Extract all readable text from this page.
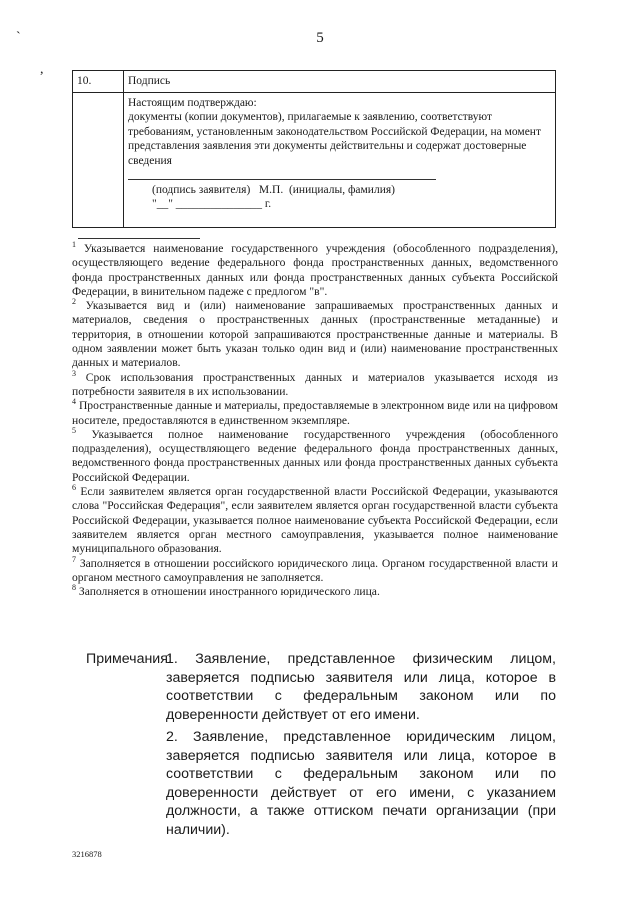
5
`
,
10.	Подпись

	Настоящим подтверждаю:
документы (копии документов), прилагаемые к заявлению, соответствуют требованиям, установленным законодательством Российской Федерации, на момент представления заявления эти документы действительны и содержат достоверные сведения
(подпись заявителя)   М.П.  (инициалы, фамилия)
"__" _______________ г.

$^1$ Указывается наименование государственного учреждения (обособленного подразделения), осуществляющего ведение федерального фонда пространственных данных, ведомственного фонда пространственных данных или фонда пространственных данных субъекта Российской Федерации, в винительном падеже с предлогом "в".

$^2$ Указывается вид и (или) наименование запрашиваемых пространственных данных и материалов, сведения о пространственных данных (пространственные метаданные) и территория, в отношении которой запрашиваются пространственные данные и материалы. В одном заявлении может быть указан только один вид и (или) наименование пространственных данных и материалов.

$^3$ Срок использования пространственных данных и материалов указывается исходя из потребности заявителя в их использовании.

$^4$ Пространственные данные и материалы, предоставляемые в электронном виде или на цифровом носителе, предоставляются в единственном экземпляре.

$^5$ Указывается полное наименование государственного учреждения (обособленного подразделения), осуществляющего ведение федерального фонда пространственных данных, ведомственного фонда пространственных данных или фонда пространственных данных субъекта Российской Федерации.

$^6$ Если заявителем является орган государственной власти Российской Федерации, указываются слова "Российская Федерация", если заявителем является орган государственной власти субъекта Российской Федерации, указывается полное наименование субъекта Российской Федерации, если заявителем является орган местного самоуправления, указывается полное наименование муниципального образования.

$^7$ Заполняется в отношении российского юридического лица. Органом государственной власти и органом местного самоуправления не заполняется.

$^8$ Заполняется в отношении иностранного юридического лица.

Примечания:

1. Заявление, представленное физическим лицом, заверяется подписью заявителя или лица, которое в соответствии с федеральным законом или по доверенности действует от его имени.

2. Заявление, представленное юридическим лицом, заверяется подписью заявителя или лица, которое в соответствии с федеральным законом или по доверенности действует от его имени, с указанием должности, а также оттиском печати организации (при наличии).

3216878
